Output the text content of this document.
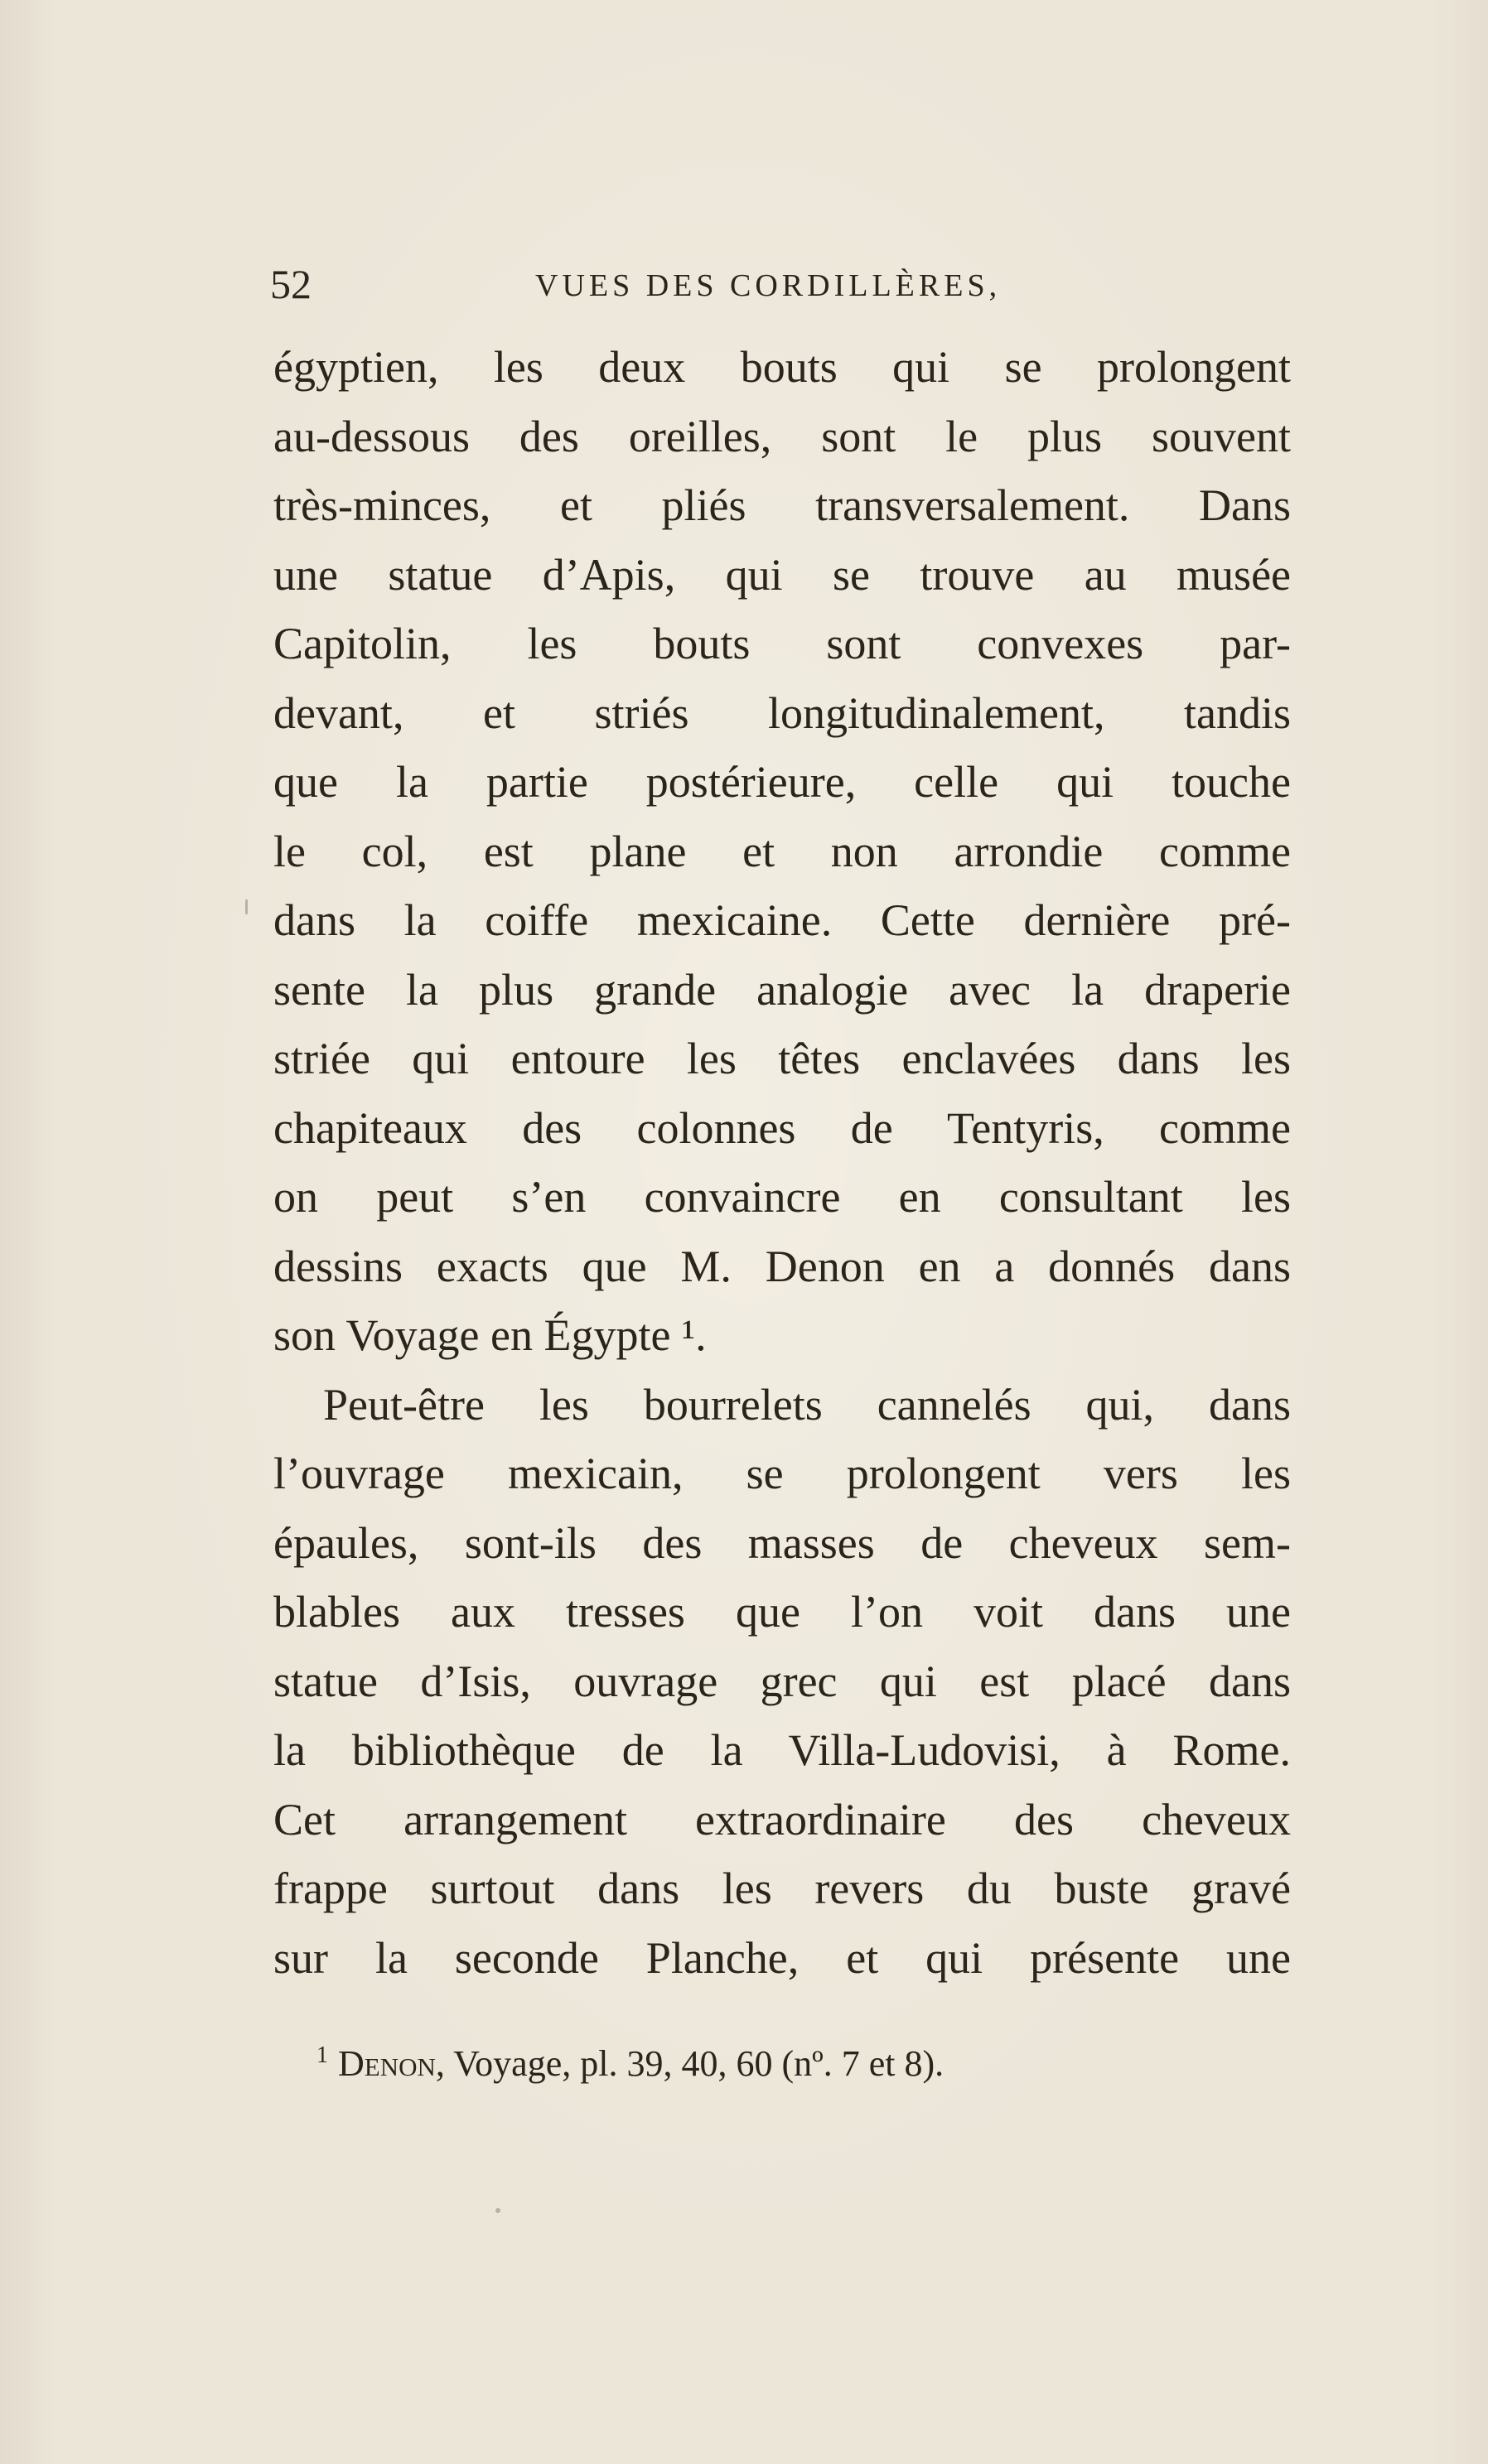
52	VUES DES CORDILLÈRES,
égyptien, les deux bouts qui se prolongent
au-dessous des oreilles, sont le plus souvent
très-minces, et pliés transversalement. Dans
une statue d’Apis, qui se trouve au musée
Capitolin, les bouts sont convexes par-
devant, et striés longitudinalement, tandis
que la partie postérieure, celle qui touche
le col, est plane et non arrondie comme
dans la coiffe mexicaine. Cette dernière pré-
sente la plus grande analogie avec la draperie
striée qui entoure les têtes enclavées dans les
chapiteaux des colonnes de Tentyris, comme
on peut s’en convaincre en consultant les
dessins exacts que M. Denon en a donnés dans
son Voyage en Égypte ¹.
Peut-être les bourrelets cannelés qui, dans
l’ouvrage mexicain, se prolongent vers les
épaules, sont-ils des masses de cheveux sem-
blables aux tresses que l’on voit dans une
statue d’Isis, ouvrage grec qui est placé dans
la bibliothèque de la Villa-Ludovisi, à Rome.
Cet arrangement extraordinaire des cheveux
frappe surtout dans les revers du buste gravé
sur la seconde Planche, et qui présente une
$^1$ Denon, Voyage, pl. 39, 40, 60 (nº. 7 et 8).
